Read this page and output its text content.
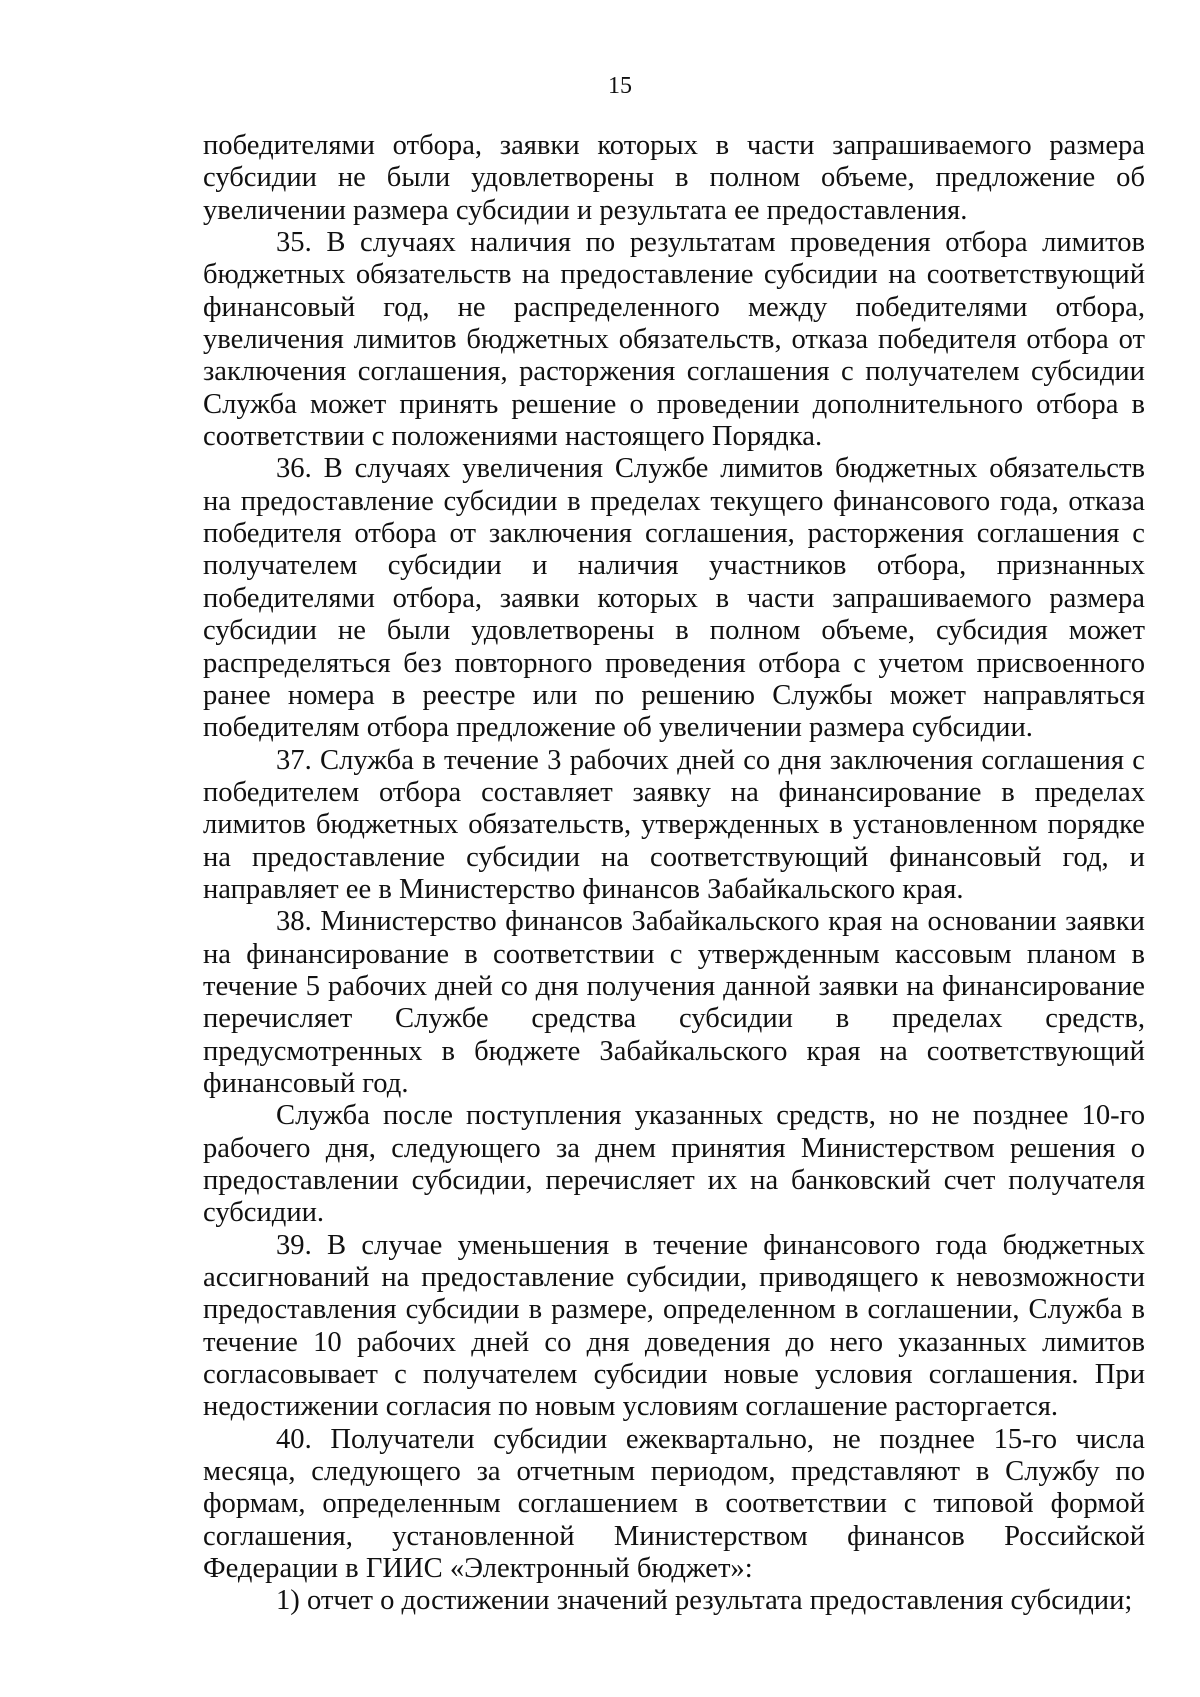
15

победителями отбора, заявки которых в части запрашиваемого размера субсидии не были удовлетворены в полном объеме, предложение об увеличении размера субсидии и результата ее предоставления.

35. В случаях наличия по результатам проведения отбора лимитов бюджетных обязательств на предоставление субсидии на соответствующий финансовый год, не распределенного между победителями отбора, увеличения лимитов бюджетных обязательств, отказа победителя отбора от заключения соглашения, расторжения соглашения с получателем субсидии Служба может принять решение о проведении дополнительного отбора в соответствии с положениями настоящего Порядка.

36. В случаях увеличения Службе лимитов бюджетных обязательств на предоставление субсидии в пределах текущего финансового года, отказа победителя отбора от заключения соглашения, расторжения соглашения с получателем субсидии и наличия участников отбора, признанных победителями отбора, заявки которых в части запрашиваемого размера субсидии не были удовлетворены в полном объеме, субсидия может распределяться без повторного проведения отбора с учетом присвоенного ранее номера в реестре или по решению Службы может направляться победителям отбора предложение об увеличении размера субсидии.

37. Служба в течение 3 рабочих дней со дня заключения соглашения с победителем отбора составляет заявку на финансирование в пределах лимитов бюджетных обязательств, утвержденных в установленном порядке на предоставление субсидии на соответствующий финансовый год, и направляет ее в Министерство финансов Забайкальского края.

38. Министерство финансов Забайкальского края на основании заявки на финансирование в соответствии с утвержденным кассовым планом в течение 5 рабочих дней со дня получения данной заявки на финансирование перечисляет Службе средства субсидии в пределах средств, предусмотренных в бюджете Забайкальского края на соответствующий финансовый год.

Служба после поступления указанных средств, но не позднее 10-го рабочего дня, следующего за днем принятия Министерством решения о предоставлении субсидии, перечисляет их на банковский счет получателя субсидии.

39. В случае уменьшения в течение финансового года бюджетных ассигнований на предоставление субсидии, приводящего к невозможности предоставления субсидии в размере, определенном в соглашении, Служба в течение 10 рабочих дней со дня доведения до него указанных лимитов согласовывает с получателем субсидии новые условия соглашения. При недостижении согласия по новым условиям соглашение расторгается.

40. Получатели субсидии ежеквартально, не позднее 15-го числа месяца, следующего за отчетным периодом, представляют в Службу по формам, определенным соглашением в соответствии с типовой формой соглашения, установленной Министерством финансов Российской Федерации в ГИИС «Электронный бюджет»:

1) отчет о достижении значений результата предоставления субсидии;
